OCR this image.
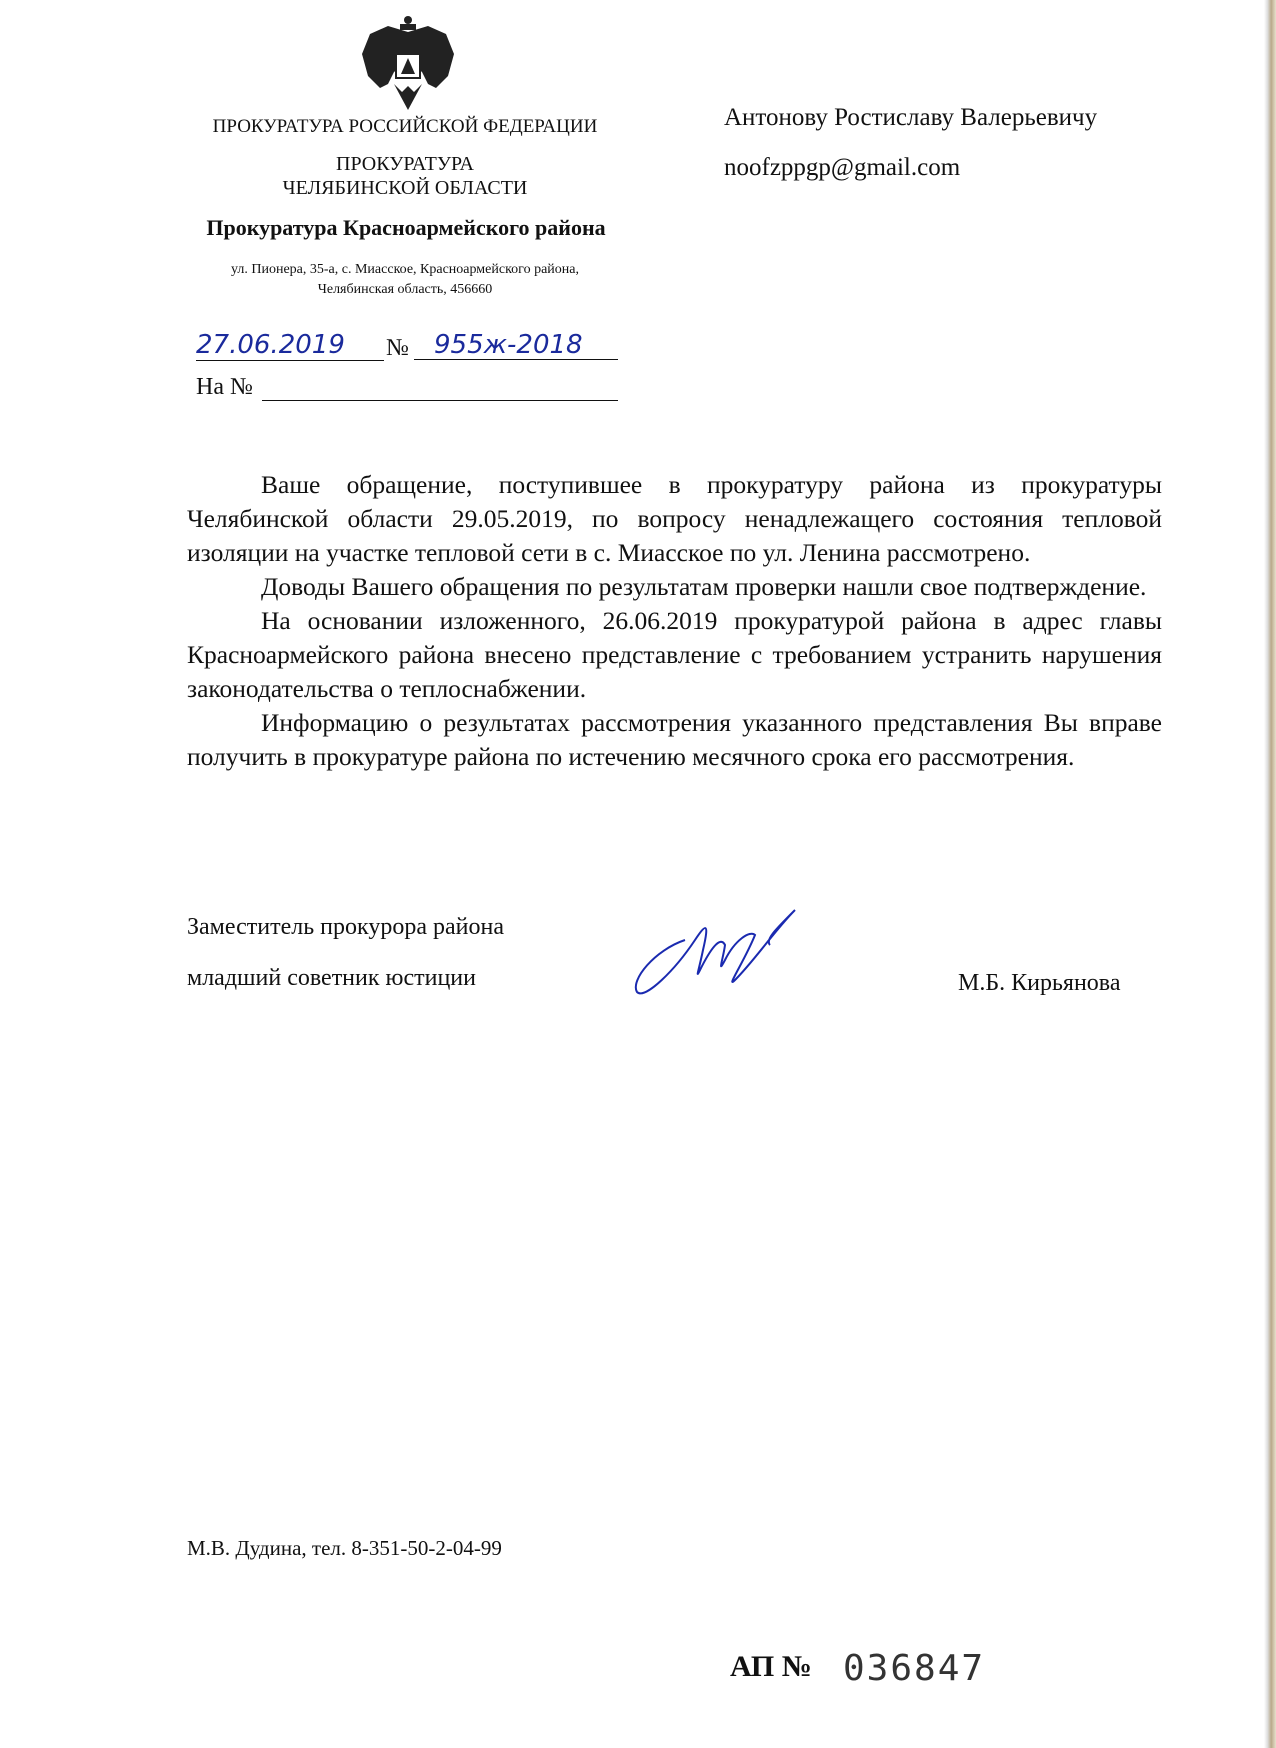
ПРОКУРАТУРА РОССИЙСКОЙ ФЕДЕРАЦИИ
ПРОКУРАТУРА
ЧЕЛЯБИНСКОЙ ОБЛАСТИ
Прокуратура Красноармейского района
ул. Пионера, 35-а, с. Миасское, Красноармейского района,
Челябинская область, 456660
27.06.2019	№ 955ж-2018
На №
Антонову Ростиславу Валерьевичу
noofzppgp@gmail.com

Ваше обращение, поступившее в прокуратуру района из прокуратуры Челябинской области 29.05.2019, по вопросу ненадлежащего состояния тепловой изоляции на участке тепловой сети в с. Миасское по ул. Ленина рассмотрено.

Доводы Вашего обращения по результатам проверки нашли свое подтверждение.

На основании изложенного, 26.06.2019 прокуратурой района в адрес главы Красноармейского района внесено представление с требованием устранить нарушения законодательства о теплоснабжении.

Информацию о результатах рассмотрения указанного представления Вы вправе получить в прокуратуре района по истечению месячного срока его рассмотрения.

Заместитель прокурора района
младший советник юстиции	М.Б. Кирьянова
М.В. Дудина, тел. 8-351-50-2-04-99
АП № 036847
